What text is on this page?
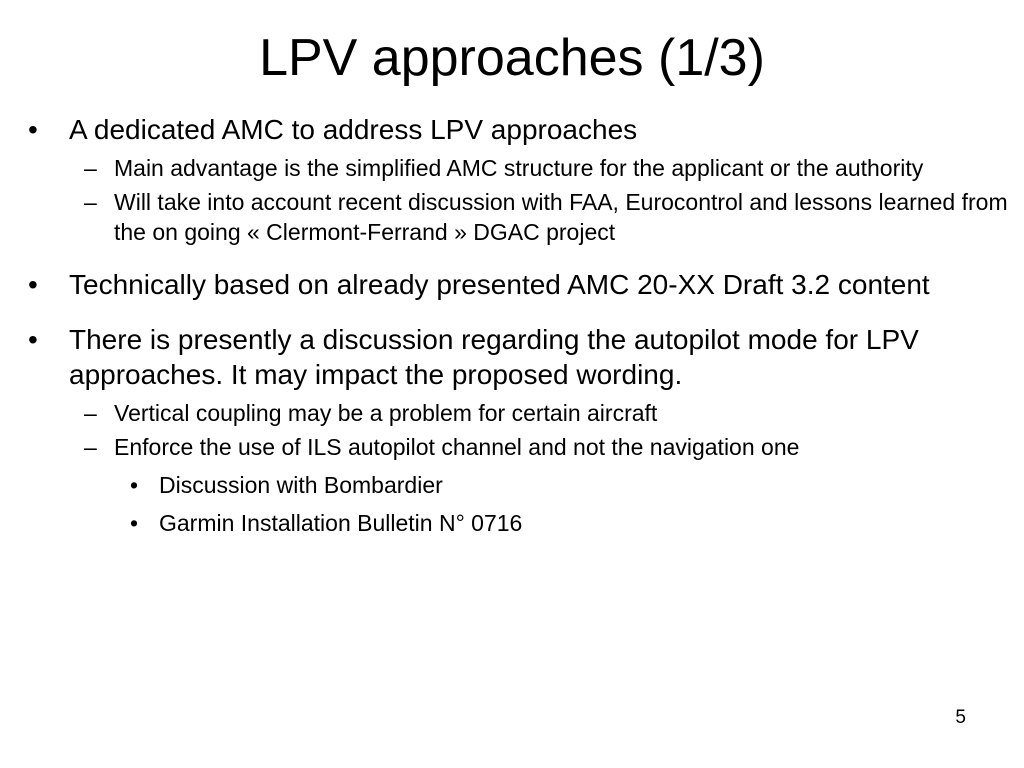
LPV approaches (1/3)
•	A dedicated AMC to address LPV approaches
– Main advantage is the simplified AMC structure for the applicant or the authority
– Will take into account recent discussion with FAA, Eurocontrol and lessons learned from the on going « Clermont-Ferrand » DGAC project
•	Technically based on already presented AMC 20-XX Draft 3.2 content
•	There is presently a discussion regarding the autopilot mode for LPV approaches. It may impact the proposed wording.
– Vertical coupling may be a problem for certain aircraft
– Enforce the use of ILS autopilot channel and not the navigation one
• Discussion with Bombardier
• Garmin Installation Bulletin N° 0716
5
